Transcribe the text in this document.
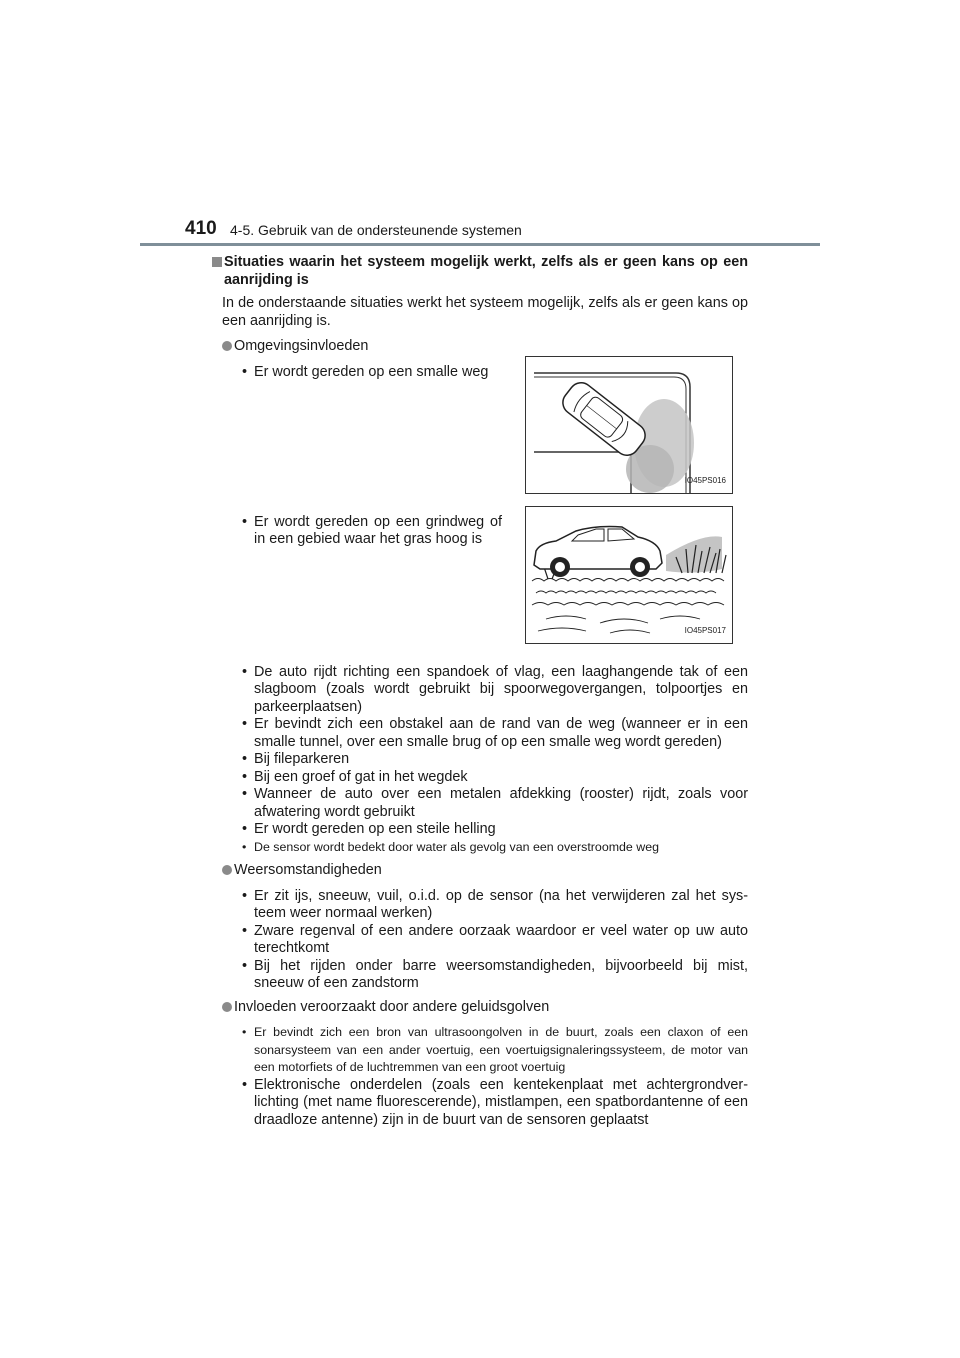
410 4-5. Gebruik van de ondersteunende systemen

Situaties waarin het systeem mogelijk werkt, zelfs als er geen kans op een aanrijding is

In de onderstaande situaties werkt het systeem mogelijk, zelfs als er geen kans op een aanrijding is.

Omgevingsinvloeden
• Er wordt gereden op een smalle weg
IO45PS016
• Er wordt gereden op een grindweg of in een gebied waar het gras hoog is
IO45PS017
• De auto rijdt richting een spandoek of vlag, een laaghangende tak of een slagboom (zoals wordt gebruikt bij spoorwegovergangen, tolpoortjes en parkeerplaatsen)
• Er bevindt zich een obstakel aan de rand van de weg (wanneer er in een smalle tunnel, over een smalle brug of op een smalle weg wordt gereden)
• Bij fileparkeren
• Bij een groef of gat in het wegdek
• Wanneer de auto over een metalen afdekking (rooster) rijdt, zoals voor afwatering wordt gebruikt
• Er wordt gereden op een steile helling
• De sensor wordt bedekt door water als gevolg van een overstroomde weg
Weersomstandigheden
• Er zit ijs, sneeuw, vuil, o.i.d. op de sensor (na het verwijderen zal het sys-teem weer normaal werken)
• Zware regenval of een andere oorzaak waardoor er veel water op uw auto terechtkomt
• Bij het rijden onder barre weersomstandigheden, bijvoorbeeld bij mist, sneeuw of een zandstorm
Invloeden veroorzaakt door andere geluidsgolven
• Er bevindt zich een bron van ultrasoongolven in de buurt, zoals een claxon of een sonarsysteem van een ander voertuig, een voertuigsignaleringssysteem, de motor van een motorfiets of de luchtremmen van een groot voertuig
• Elektronische onderdelen (zoals een kentekenplaat met achtergrondver-lichting (met name fluorescerende), mistlampen, een spatbordantenne of een draadloze antenne) zijn in de buurt van de sensoren geplaatst
